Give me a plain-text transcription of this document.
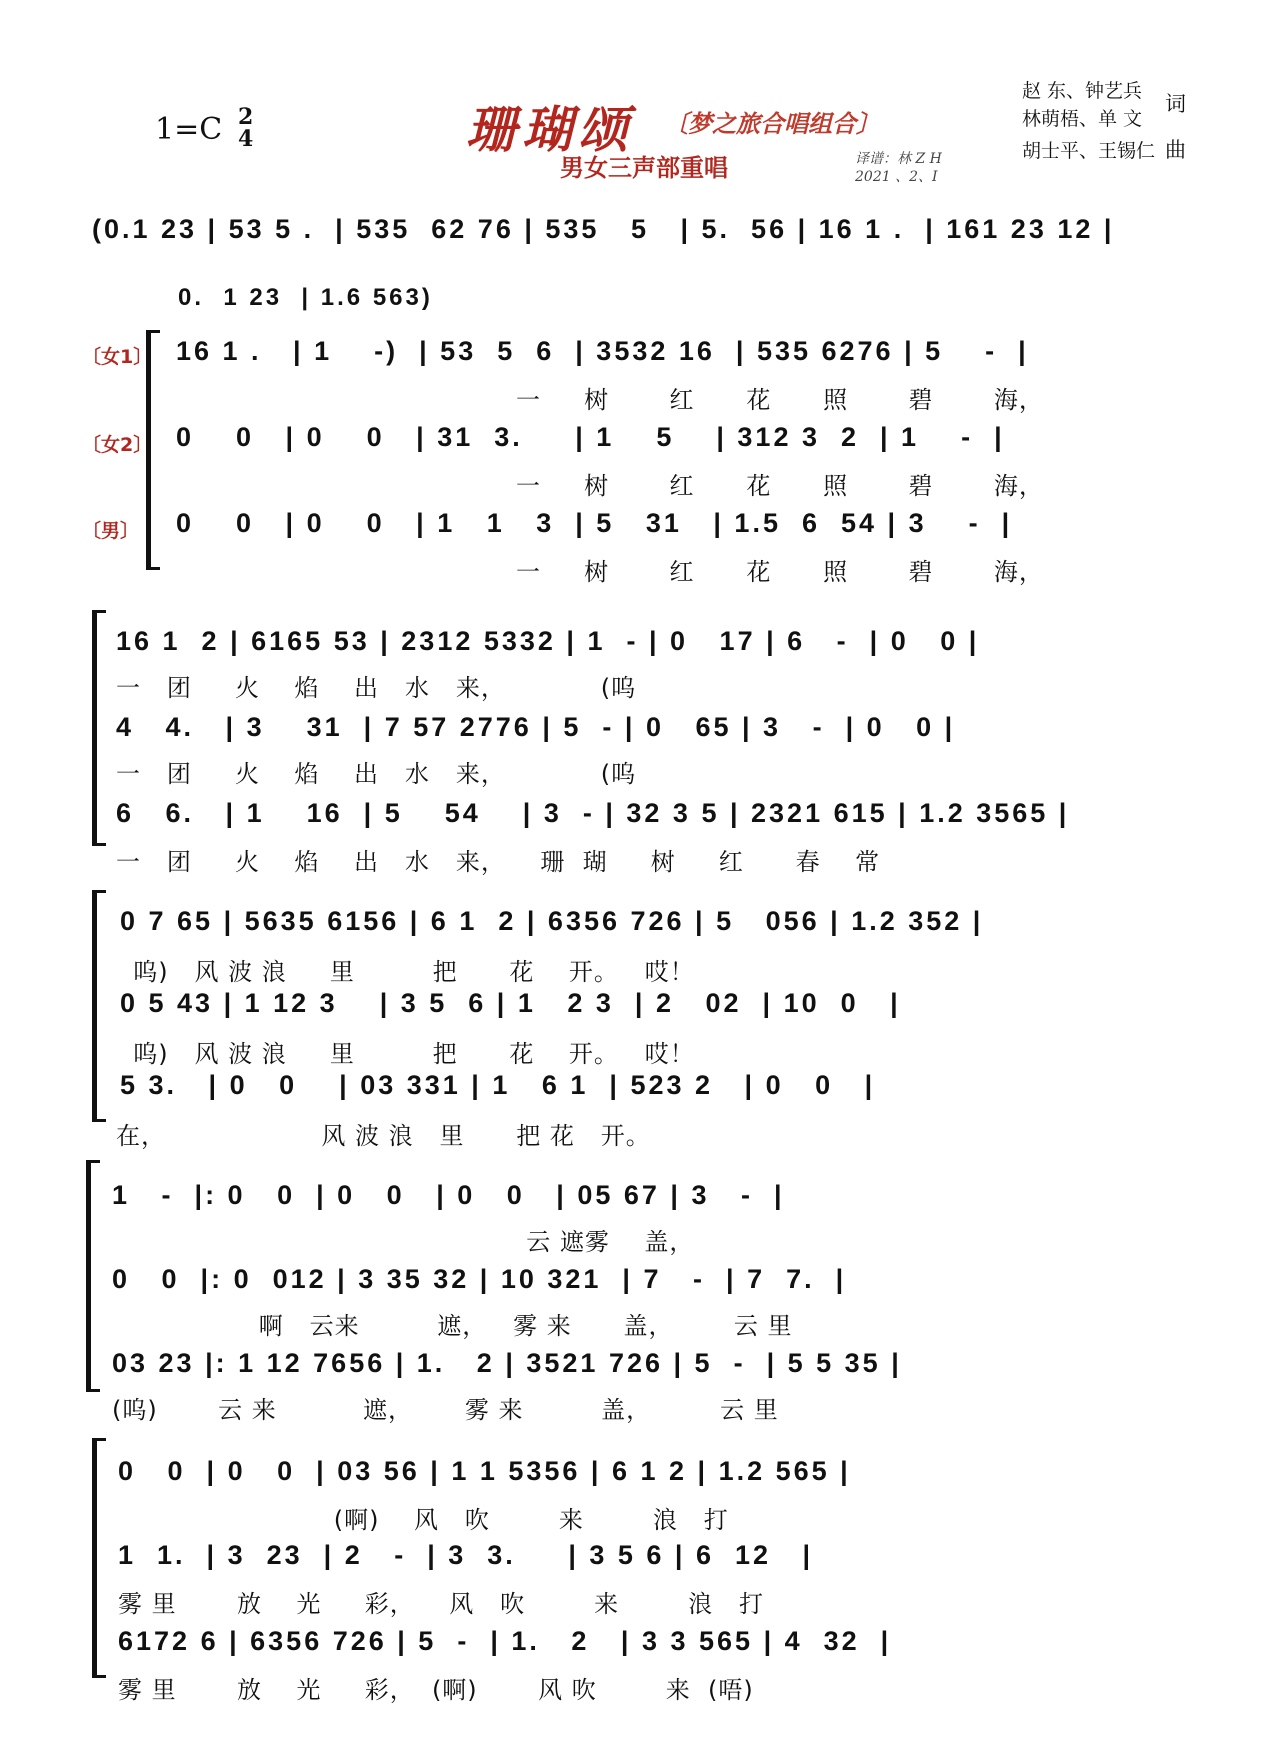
1=C 2
4	珊瑚颂 〔梦之旅合唱组合〕
男女三声部重唱	译谱：林 Z H
2021 、2、I
赵 东、钟艺兵
林萌梧、单 文
词
胡士平、王锡仁 曲
(0.1 23 | 53 5 .  | 535  62 76 | 535   5   | 5.  56 | 16 1 .  | 161 23 12 |
0.  1 23  | 1.6 563)
〔女1〕
〔女2〕
〔男〕
16 1 .   | 1    -)  | 53  5  6  | 3532 16  | 535 6276 | 5    -  |
一     树       红      花      照       碧       海，
0    0   | 0    0   | 31  3.     | 1    5    | 312 3  2  | 1    -  |
一     树       红      花      照       碧       海，
0    0   | 0    0   | 1   1   3  | 5   31   | 1.5  6  54 | 3    -  |
一     树       红      花      照       碧       海，
16 1  2 | 6165 53 | 2312 5332 | 1  - | 0   17 | 6   -  | 0   0 |
一   团     火    焰    出   水   来，           (呜
4   4.   | 3    31  | 7 57 2776 | 5  - | 0   65 | 3   -  | 0   0 |
一   团     火    焰    出   水   来，           (呜
6   6.   | 1    16  | 5    54    | 3  - | 32 3 5 | 2321 615 | 1.2 3565 |
一   团     火    焰    出   水   来，    珊  瑚     树     红      春    常
0 7 65 | 5635 6156 | 6 1  2 | 6356 726 | 5   056 | 1.2 352 |
呜)   风 波 浪     里         把      花    开。   哎！
0 5 43 | 1 12 3    | 3 5  6 | 1   2 3  | 2   02  | 10  0   |
呜)   风 波 浪     里         把      花    开。   哎！
5 3.   | 0   0    | 03 331 | 1   6 1  | 523 2   | 0   0   |
在，                  风 波 浪   里      把 花   开。
1   -  |: 0   0  | 0   0   | 0   0   | 05 67 | 3   -  |
云 遮雾    盖，
0   0  |: 0  012 | 3 35 32 | 10 321  | 7   -  | 7  7.  |
啊   云来         遮，   雾 来      盖，       云 里
03 23 |: 1 12 7656 | 1.   2 | 3521 726 | 5  -  | 5 5 35 |
(呜)       云 来          遮，      雾 来         盖，        云 里
0   0  | 0   0  | 03 56 | 1 1 5356 | 6 1 2 | 1.2 565 |
(啊)    风   吹        来        浪   打
1  1.  | 3  23  | 2   -  | 3  3.     | 3 5 6 | 6  12   |
雾 里       放    光     彩，    风   吹        来        浪   打
6172 6 | 6356 726 | 5  -  | 1.   2   | 3 3 565 | 4  32  |
雾 里       放    光     彩，  (啊)       风 吹        来  (唔)
